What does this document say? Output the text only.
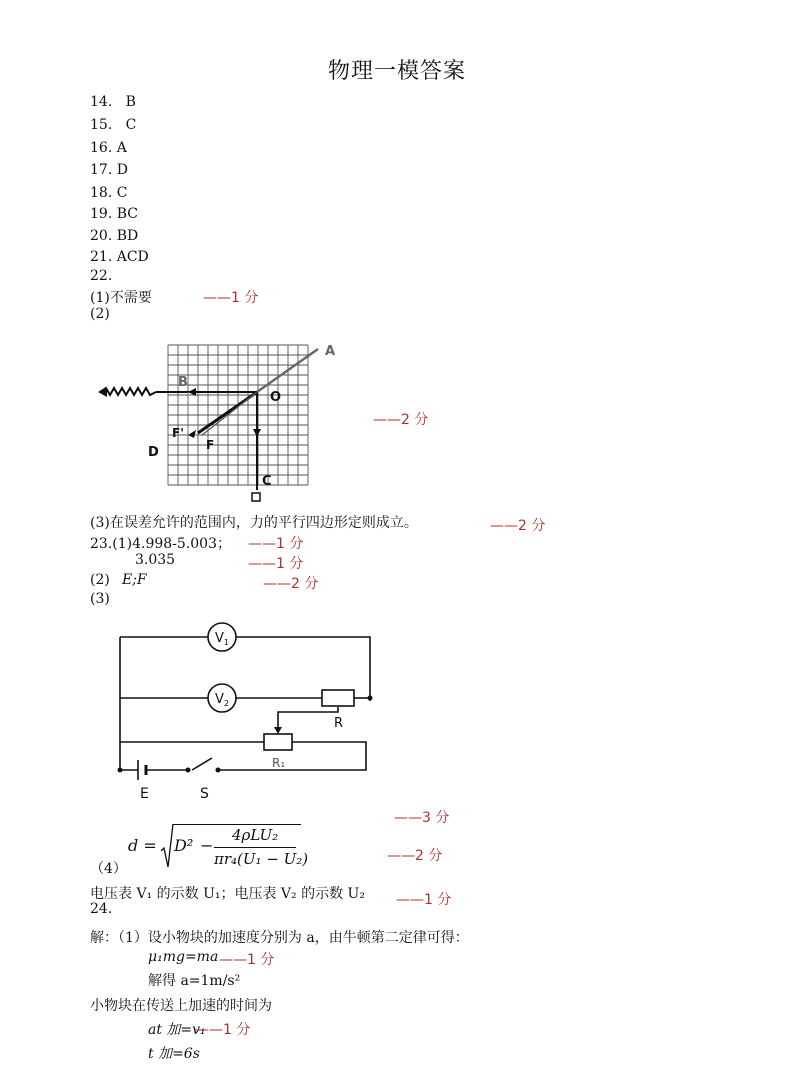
物理一模答案
14. B
15. C
16. A
17. D
18. C
19. BC
20. BD
21. ACD
22.
(1)不需要	——1 分
(2)
A
B
O
F'
F
D
C
——2 分
(3)在误差允许的范围内，力的平行四边形定则成立。	——2 分
23.(1)4.998-5.003； ——1 分
3.035	——1 分
(2) E;F	——2 分
(3)
$V_1$
$V_2$
R
R₁
E	S
——3 分
（4）
d = D² −
4ρLU₂
πr₄(U₁ − U₂)	——2 分
电压表 V₁ 的示数 U₁；电压表 V₂ 的示数 U₂ ——1 分
24.
解：（1）设小物块的加速度分别为 a，由牛顿第二定律可得：
μ₁mg=ma ——1 分
解得 a=1m/s²
小物块在传送上加速的时间为
at 加=v₁
——1 分
t 加=6s
